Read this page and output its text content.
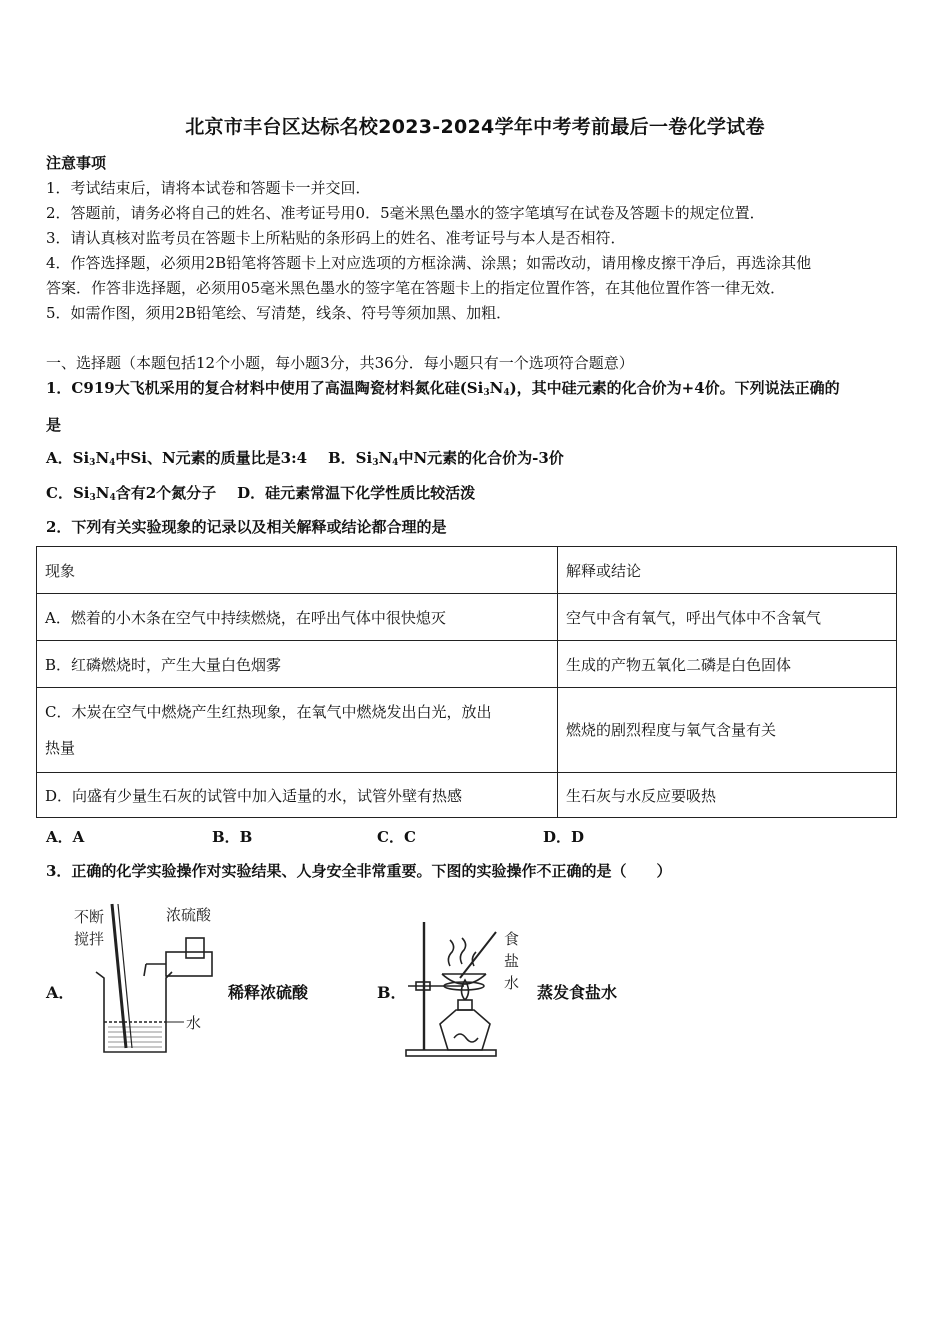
北京市丰台区达标名校2023-2024学年中考考前最后一卷化学试卷
注意事项
1．考试结束后，请将本试卷和答题卡一并交回．
2．答题前，请务必将自己的姓名、准考证号用0．5毫米黑色墨水的签字笔填写在试卷及答题卡的规定位置．
3．请认真核对监考员在答题卡上所粘贴的条形码上的姓名、准考证号与本人是否相符．
4．作答选择题，必须用2B铅笔将答题卡上对应选项的方框涂满、涂黑；如需改动，请用橡皮擦干净后，再选涂其他
答案．作答非选择题，必须用05毫米黑色墨水的签字笔在答题卡上的指定位置作答，在其他位置作答一律无效．
5．如需作图，须用2B铅笔绘、写清楚，线条、符号等须加黑、加粗．
一、选择题（本题包括12个小题，每小题3分，共36分．每小题只有一个选项符合题意）
1．C919大飞机采用的复合材料中使用了高温陶瓷材料氮化硅$(Si_3N_4)$，其中硅元素的化合价为+4价。下列说法正确的
是
A．$Si_3N_4$中Si、N元素的质量比是3:4 B．$Si_3N_4$中N元素的化合价为-3价
C．$Si_3N_4$含有2个氮分子 D．硅元素常温下化学性质比较活泼
2．下列有关实验现象的记录以及相关解释或结论都合理的是
现象	解释或结论
A．燃着的小木条在空气中持续燃烧，在呼出气体中很快熄灭	空气中含有氧气，呼出气体中不含氧气
B．红磷燃烧时，产生大量白色烟雾	生成的产物五氧化二磷是白色固体
C．木炭在空气中燃烧产生红热现象，在氧气中燃烧发出白光，放出
热量	燃烧的剧烈程度与氧气含量有关
D．向盛有少量生石灰的试管中加入适量的水，试管外壁有热感	生石灰与水反应要吸热
A．A	B．B	C．C	D．D
3．正确的化学实验操作对实验结果、人身安全非常重要。下图的实验操作不正确的是（　　）
A．
不断
搅拌
浓硫酸
水
稀释浓硫酸	B．
食
盐
水 蒸发食盐水
